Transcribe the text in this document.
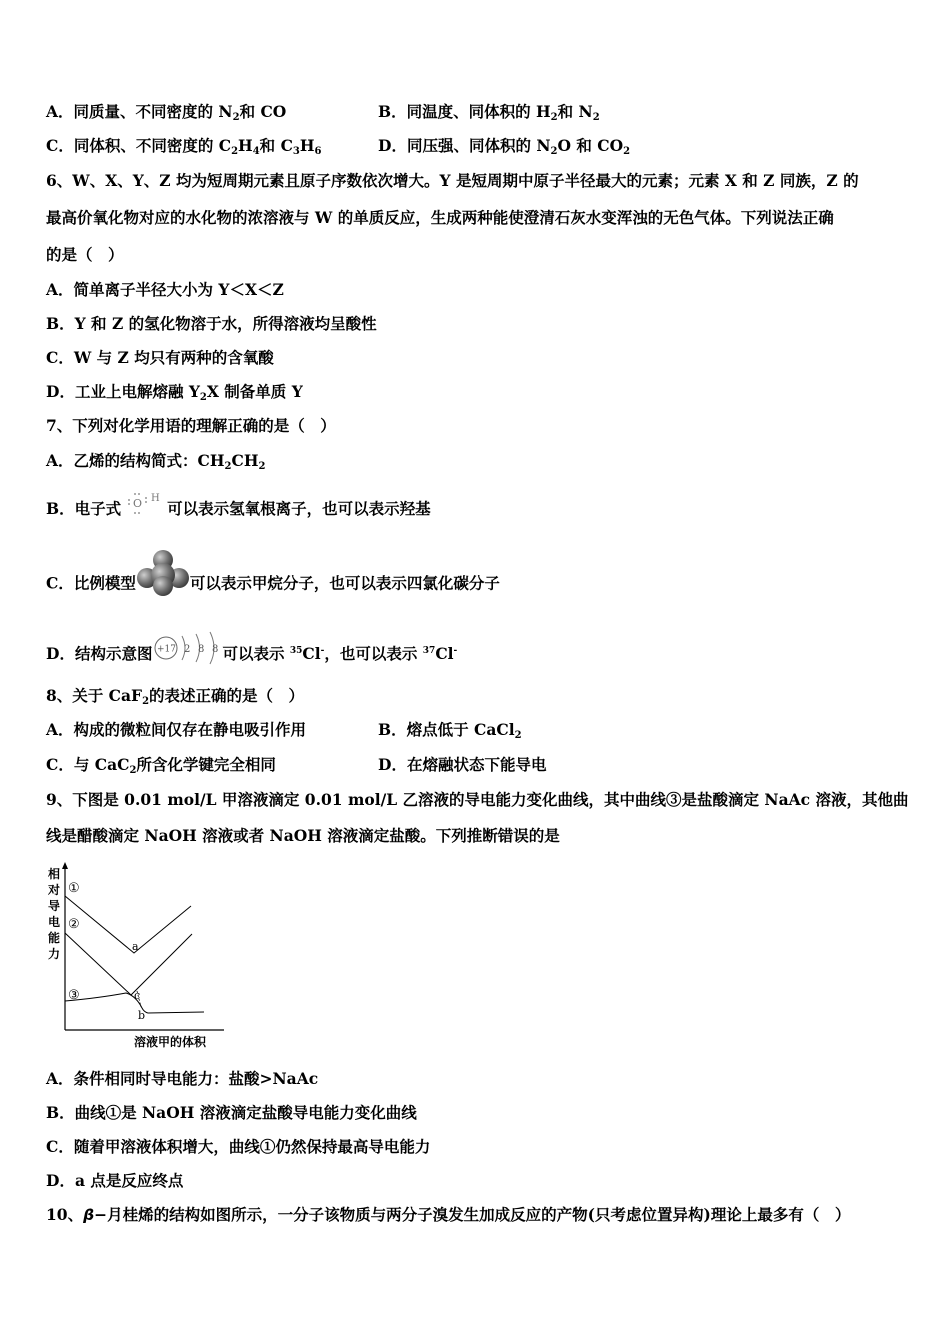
A．同质量、不同密度的 $N_2$和 CO	B．同温度、同体积的 $H_2$和 $N_2$
C．同体积、不同密度的 $C_2H_4$和 $C_3H_6$	D．同压强、同体积的 $N_2O$ 和 $CO_2$
6、W、X、Y、Z 均为短周期元素且原子序数依次增大。Y 是短周期中原子半径最大的元素；元素 X 和 Z 同族，Z 的
最高价氧化物对应的水化物的浓溶液与 W 的单质反应，生成两种能使澄清石灰水变浑浊的无色气体。下列说法正确
的是（　）
A．简单离子半径大小为 Y＜X＜Z
B．Y 和 Z 的氢化物溶于水，所得溶液均呈酸性
C．W 与 Z 均只有两种的含氧酸
D．工业上电解熔融 $Y_2X$ 制备单质 Y
7、下列对化学用语的理解正确的是（　）
A．乙烯的结构简式：$CH_2CH_2$
B．电子式 O H
可以表示氢氧根离子，也可以表示羟基
C．比例模型	可以表示甲烷分子，也可以表示四氯化碳分子
D．结构示意图 +17 2 8 8 可以表示 $^{35}$Cl-，也可以表示 $^{37}$Cl-
8、关于 CaF$_2$的表述正确的是（　）
A．构成的微粒间仅存在静电吸引作用	B．熔点低于 CaCl$_2$
C．与 CaC$_2$所含化学键完全相同	D．在熔融状态下能导电
9、下图是 0.01 mol/L 甲溶液滴定 0.01 mol/L 乙溶液的导电能力变化曲线，其中曲线③是盐酸滴定 NaAc 溶液，其他曲
线是醋酸滴定 NaOH 溶液或者 NaOH 溶液滴定盐酸。下列推断错误的是
相
对
导
电
能
力
①
②
③
a
b
c
溶液甲的体积
A．条件相同时导电能力：盐酸>NaAc
B．曲线①是 NaOH 溶液滴定盐酸导电能力变化曲线
C．随着甲溶液体积增大，曲线①仍然保持最高导电能力
D．a 点是反应终点
10、β−月桂烯的结构如图所示，一分子该物质与两分子溴发生加成反应的产物(只考虑位置异构)理论上最多有（　）
